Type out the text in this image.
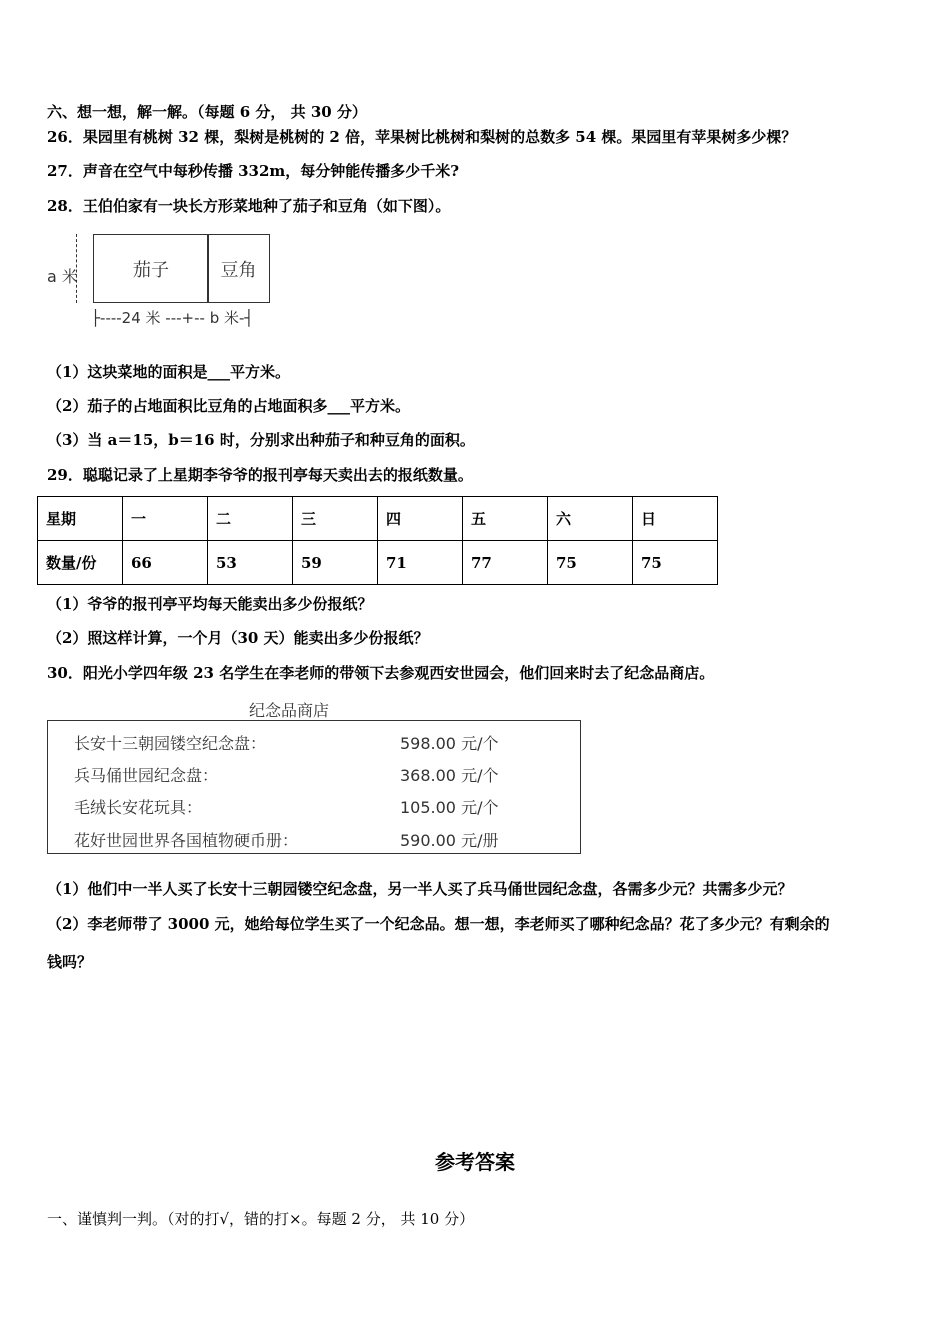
六、想一想，解一解。（每题 6 分， 共 30 分）
26．果园里有桃树 32 棵，梨树是桃树的 2 倍，苹果树比桃树和梨树的总数多 54 棵。果园里有苹果树多少棵？
27．声音在空气中每秒传播 332m，每分钟能传播多少千米?
28．王伯伯家有一块长方形菜地种了茄子和豆角（如下图）。
a 米	茄子	豆角
├----24 米 ---+-- b 米-┤
（1）这块菜地的面积是___平方米。
（2）茄子的占地面积比豆角的占地面积多___平方米。
（3）当 a＝15，b＝16 时，分别求出种茄子和种豆角的面积。
29．聪聪记录了上星期李爷爷的报刊亭每天卖出去的报纸数量。
星期	一	二	三	四	五	六	日
数量/份	66	53	59	71	77	75	75
（1）爷爷的报刊亭平均每天能卖出多少份报纸？
（2）照这样计算，一个月（30 天）能卖出多少份报纸？
30．阳光小学四年级 23 名学生在李老师的带领下去参观西安世园会，他们回来时去了纪念品商店。
纪念品商店
长安十三朝园镂空纪念盘：	598.00 元/个
兵马俑世园纪念盘：	368.00 元/个
毛绒长安花玩具：	105.00 元/个
花好世园世界各国植物硬币册：	590.00 元/册
（1）他们中一半人买了长安十三朝园镂空纪念盘，另一半人买了兵马俑世园纪念盘，各需多少元？共需多少元？
（2）李老师带了 3000 元，她给每位学生买了一个纪念品。想一想，李老师买了哪种纪念品？花了多少元？有剩余的
钱吗？
参考答案
一、谨慎判一判。（对的打√，错的打×。每题 2 分， 共 10 分）
